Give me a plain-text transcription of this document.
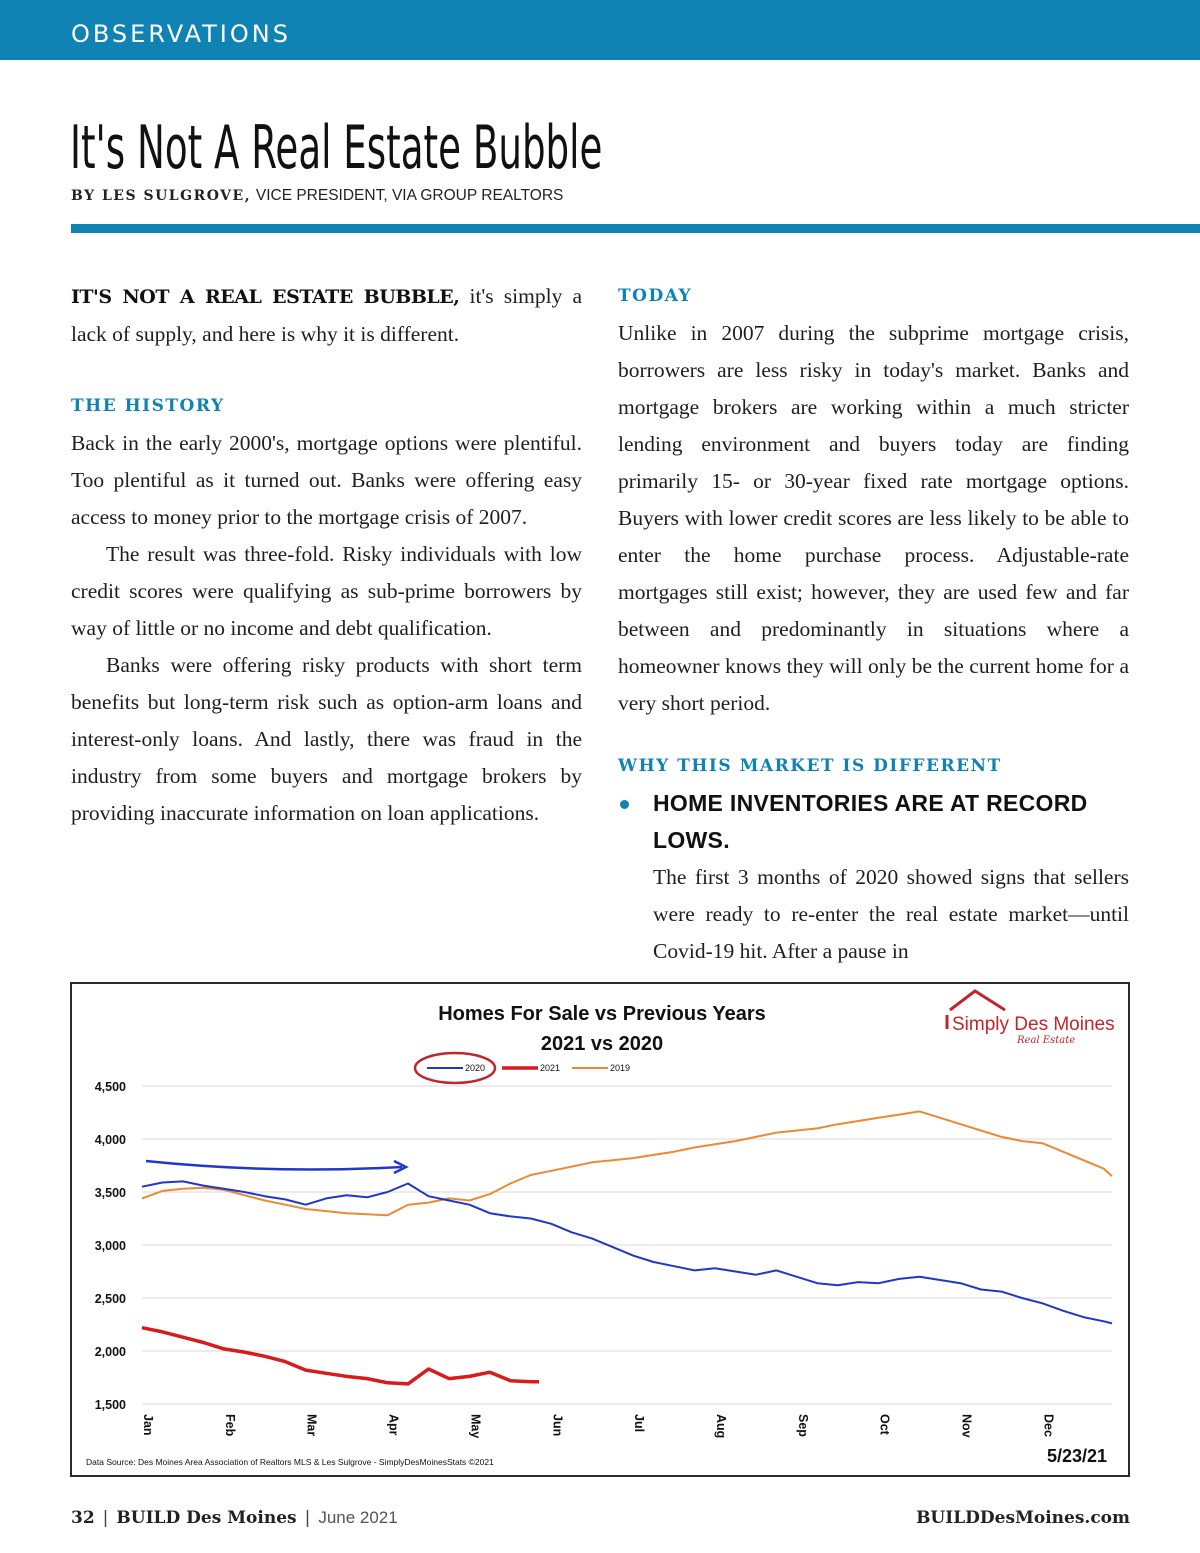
OBSERVATIONS
It's Not A Real Estate Bubble
BY LES SULGROVE, VICE PRESIDENT, VIA GROUP REALTORS

IT'S NOT A REAL ESTATE BUBBLE, it's simply a lack of supply, and here is why it is different.

THE HISTORY

Back in the early 2000's, mortgage options were plentiful. Too plentiful as it turned out. Banks were offering easy access to money prior to the mortgage crisis of 2007.

The result was three-fold. Risky individuals with low credit scores were qualifying as sub-prime borrowers by way of little or no income and debt qualification.

Banks were offering risky products with short term benefits but long-term risk such as option-arm loans and interest-only loans. And lastly, there was fraud in the industry from some buyers and mortgage brokers by providing inaccurate information on loan applications.

TODAY

Unlike in 2007 during the subprime mortgage crisis, borrowers are less risky in today's market. Banks and mortgage brokers are working within a much stricter lending environment and buyers today are finding primarily 15- or 30-year fixed rate mortgage options. Buyers with lower credit scores are less likely to be able to enter the home purchase process. Adjustable-rate mortgages still exist; however, they are used few and far between and predominantly in situations where a homeowner knows they will only be the current home for a very short period.

WHY THIS MARKET IS DIFFERENT
HOME INVENTORIES ARE AT RECORD LOWS.

The first 3 months of 2020 showed signs that sellers were ready to re-enter the real estate market—until Covid-19 hit. After a pause in

Homes For Sale vs Previous Years
2021 vs 2020
Simply Des Moines
Real Estate
2020	2021	2019
4,500
4,000
3,500
3,000
2,500
2,000
1,500
Jan	Feb	Mar	Apr	May	Jun	Jul	Aug	Sep	Oct	Nov	Dec
Data Source: Des Moines Area Association of Realtors MLS & Les Sulgrove - SimplyDesMoinesStats ©2021	5/23/21
32 | BUILD Des Moines | June 2021	BUILDDesMoines.com
